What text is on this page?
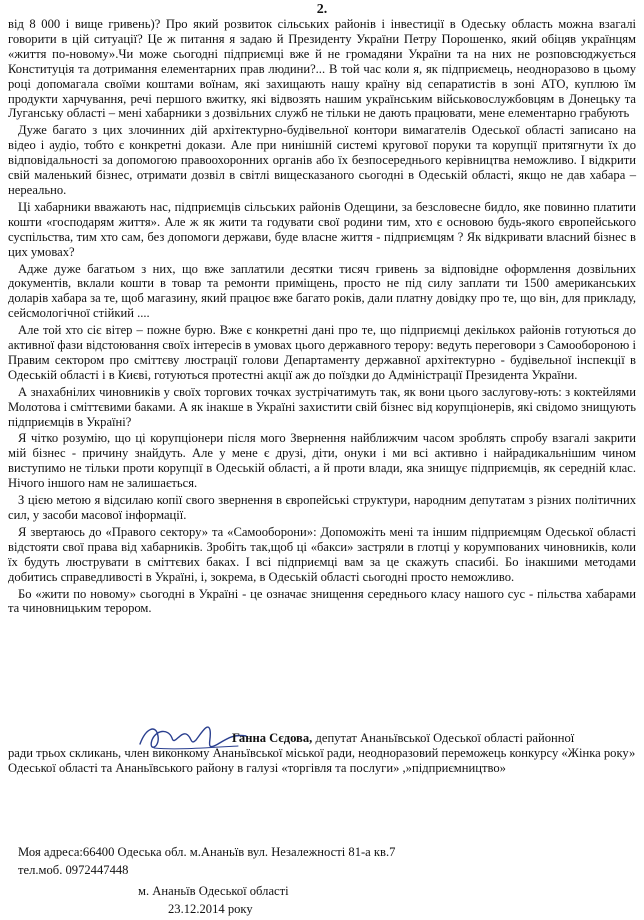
2.

від 8 000 і вище гривень)? Про який розвиток сільських районів і інвестиції в Одеську область можна взагалі говорити в цій ситуації? Це ж питання я задаю й Президенту України Петру Порошенко, який обіцяв українцям «життя по-новому».Чи може сьогодні підприємці вже й не громадяни України та на них не розповсюджується Конституція та дотримання елементарних прав людини?... В той час коли я, як підприємець, неодноразово в цьому році допомагала своїми коштами воїнам, які захищають нашу країну від сепаратистів в зоні АТО, куплюю їм продукти харчування, речі першого вжитку, які відвозять нашим українським військовослужбовцям в Донецьку та Луганську області – мені хабарники з дозвільних служб не тільки не дають працювати, мене елементарно грабують

Дуже багато з цих злочинних дій архітектурно-будівельної контори вимагателів Одеської області записано на відео і аудіо, тобто є конкретні докази. Але при нинішній системі кругової поруки та корупції притягнути їх до відповідальності за допомогою правоохоронних органів або їх безпосереднього керівництва неможливо. І відкрити свій маленький бізнес, отримати дозвіл в світлі вищесказаного сьогодні в Одеській області, якщо не дав хабара – нереально.

Ці хабарники вважають нас, підприємців сільських районів Одещини, за безсловесне бидло, яке повинно платити кошти «господарям життя». Але ж як жити та годувати свої родини тим, хто є основою будь-якого європейського суспільства, тим хто сам, без допомоги держави, буде власне життя - підприємцям ? Як відкривати власний бізнес в цих умовах?

Адже дуже багатьом з них, що вже заплатили десятки тисяч гривень за відповідне оформлення дозвільних документів, вклали кошти в товар та ремонти приміщень, просто не під силу заплати ти 1500 американських доларів хабара за те, щоб магазину, який працює вже багато років, дали платну довідку про те, що він, для прикладу, сейсмологічної стійкий ....

Але той хто сіє вітер – пожне бурю. Вже є конкретні дані про те, що підприємці декількох районів готуються до активної фази відстоювання своїх інтересів в умовах цього державного терору: ведуть переговори з Самообороною і Правим сектором про сміттєву люстрації голови Департаменту державної архітектурно - будівельної інспекції в Одеській області і в Києві, готуються протестні акції аж до поїздки до Адміністрації Президента України.

А знахабнілих чиновників у своїх торгових точках зустрічатимуть так, як вони цього заслугову-ють: з коктейлями Молотова і сміттєвими баками. А як інакше в Україні захистити свій бізнес від корупціонерів, які свідомо знищують підприємців в Україні?

Я чітко розумію, що ці корупціонери після мого Звернення найближчим часом зроблять спробу взагалі закрити мій бізнес - причину знайдуть. Але у мене є друзі, діти, онуки і ми всі активно і найрадикальнішим чином виступимо не тільки проти корупції в Одеській області, а й проти влади, яка знищує підприємців, як середній клас. Нічого іншого нам не залишається.

З цією метою я відсилаю копії свого звернення в європейські структури, народним депутатам з різних політичних сил, у засоби масової інформації.

Я звертаюсь до «Правого сектору» та «Самооборони»: Допоможіть мені та іншим підприємцям Одеської області відстояти свої права від хабарників. Зробіть так,щоб ці «бакси» застряли в глотці у корумпованих чиновників, коли їх будуть люструвати в сміттєвих баках. І всі підприємці вам за це скажуть спасибі. Бо інакшими методами добитись справедливості в Україні, і, зокрема, в Одеській області сьогодні просто неможливо.

Бо «жити по новому» сьогодні в Україні - це означає знищення середнього класу нашого сус - пільства хабарами та чиновницьким терором.

Ганна Сєдова, депутат Ананьївської Одеської області районної

ради трьох скликань, член виконкому Ананьївської міської ради, неодноразовий переможець конкурсу «Жінка року» Одеської області та Ананьївського району в галузі «торгівля та послуги» ,»підприємництво»

Моя адреса:66400 Одеська обл. м.Ананьїв вул. Незалежності 81-а кв.7

тел.моб. 0972447448

м. Ананьїв Одеської області

23.12.2014 року
